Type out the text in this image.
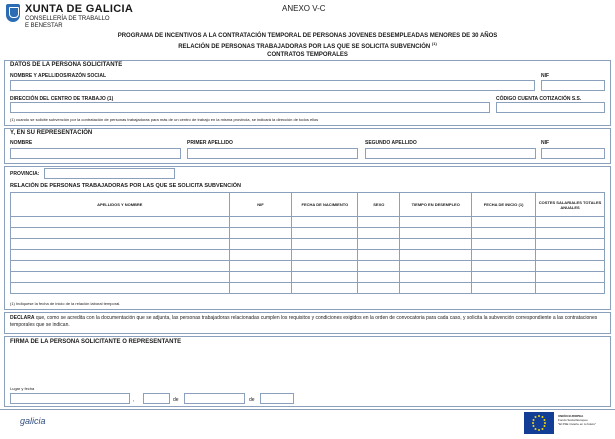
XUNTA DE GALICIA
CONSELLERÍA DE TRABALLO
E BENESTAR
ANEXO V-C
PROGRAMA DE INCENTIVOS A LA CONTRATACIÓN TEMPORAL DE PERSONAS JOVENES DESEMPLEADAS MENORES DE 30 AÑOS
RELACIÓN DE PERSONAS TRABAJADORAS POR LAS QUE SE SOLICITA SUBVENCIÓN $^{(1)}$
CONTRATOS TEMPORALES
DATOS DE LA PERSONA SOLICITANTE
NOMBRE Y APELLIDOS/RAZÓN SOCIAL	NIF
DIRECCIÓN DEL CENTRO DE TRABAJO (1)	CÓDIGO CUENTA COTIZACIÓN S.S.
(1) cuando se solicite subvención por la contratación de personas trabajadoras para más de un centro de trabajo en la misma provincia, se indicará la dirección de todos ellos
Y, EN SU REPRESENTACIÓN
NOMBRE	PRIMER APELLIDO	SEGUNDO APELLIDO	NIF
PROVINCIA:
RELACIÓN DE PERSONAS TRABAJADORAS POR LAS QUE SE SOLICITA SUBVENCIÓN
APELLIDOS Y NOMBRE	NIF	FECHA DE NACIMIENTO	SEXO	TIEMPO EN DESEMPLEO	FECHA DE INICIO (1)	COSTES SALARIALES TOTALES ANUALES

(1) Indíquese la fecha de inicio de la relación laboral temporal.
DECLARA que, como se acredita con la documentación que se adjunta, las personas trabajadoras relacionadas cumplen los requisitos y condiciones exigidos en la orden de convocatoria para cada caso, y solicita la subvención correspondiente a las contrataciones temporales que se indican.
FIRMA DE LA PERSONA SOLICITANTE O REPRESENTANTE
Lugar y fecha
,	de	de
galicia	UNIÓN EUROPEA
Fondo Social Europeo
"El FSE invierte en tu futuro"
